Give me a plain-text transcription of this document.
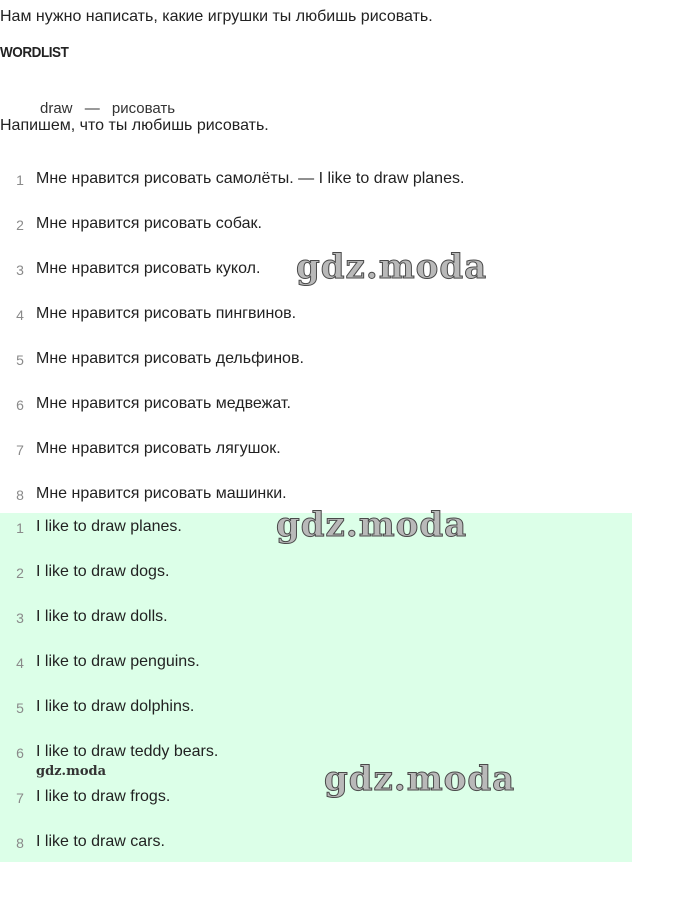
Нам нужно написать, какие игрушки ты любишь рисовать.
WORDLIST
draw — рисовать
Напишем, что ты любишь рисовать.
1 Мне нравится рисовать самолёты. — I like to draw planes.
2 Мне нравится рисовать собак.
3 Мне нравится рисовать кукол.
4 Мне нравится рисовать пингвинов.
5 Мне нравится рисовать дельфинов.
6 Мне нравится рисовать медвежат.
7 Мне нравится рисовать лягушок.
8 Мне нравится рисовать машинки.
1 I like to draw planes.
2 I like to draw dogs.
3 I like to draw dolls.
4 I like to draw penguins.
5 I like to draw dolphins.
6 I like to draw teddy bears.
7 I like to draw frogs.
8 I like to draw cars.
gdz.moda
gdz.moda
gdz.moda
gdz.moda
